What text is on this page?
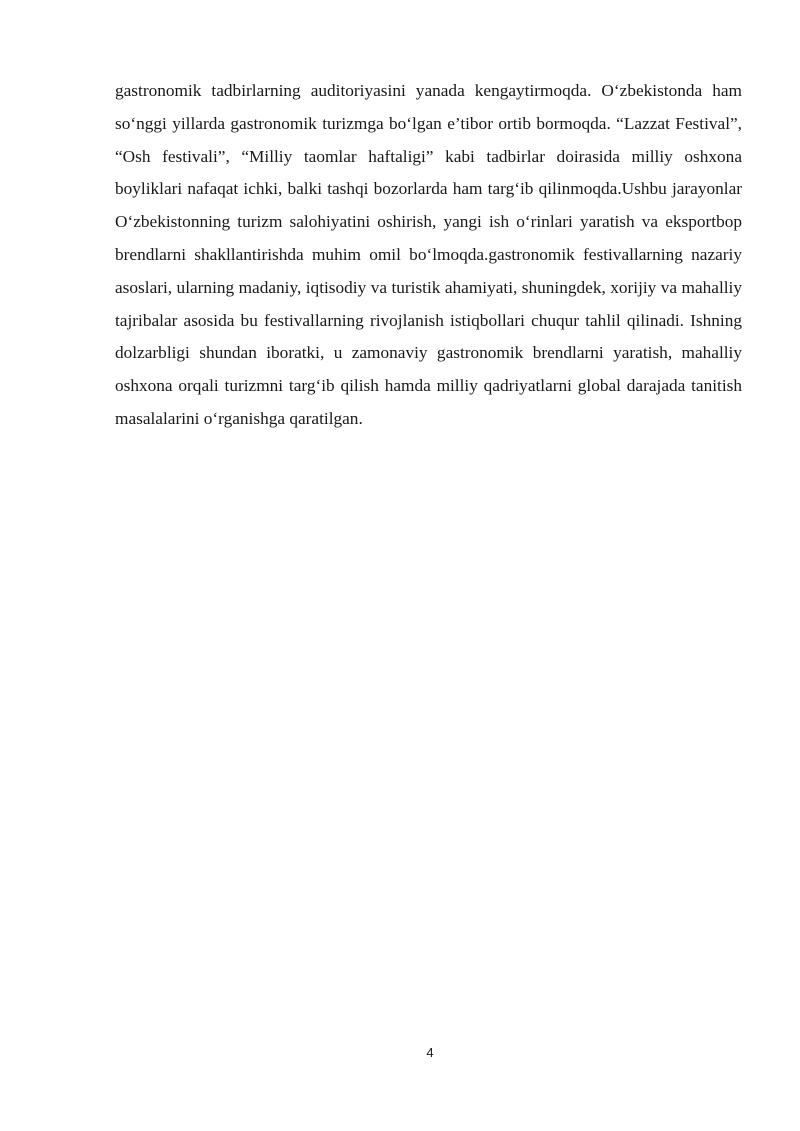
gastronomik tadbirlarning auditoriyasini yanada kengaytirmoqda. O‘zbekistonda ham so‘nggi yillarda gastronomik turizmga bo‘lgan e’tibor ortib bormoqda. “Lazzat Festival”, “Osh festivali”, “Milliy taomlar haftaligi” kabi tadbirlar doirasida milliy oshxona boyliklari nafaqat ichki, balki tashqi bozorlarda ham targ‘ib qilinmoqda.Ushbu jarayonlar O‘zbekistonning turizm salohiyatini oshirish, yangi ish o‘rinlari yaratish va eksportbop brendlarni shakllantirishda muhim omil bo‘lmoqda.gastronomik festivallarning nazariy asoslari, ularning madaniy, iqtisodiy va turistik ahamiyati, shuningdek, xorijiy va mahalliy tajribalar asosida bu festivallarning rivojlanish istiqbollari chuqur tahlil qilinadi. Ishning dolzarbligi shundan iboratki, u zamonaviy gastronomik brendlarni yaratish, mahalliy oshxona orqali turizmni targ‘ib qilish hamda milliy qadriyatlarni global darajada tanitish masalalarini o‘rganishga qaratilgan.

4
